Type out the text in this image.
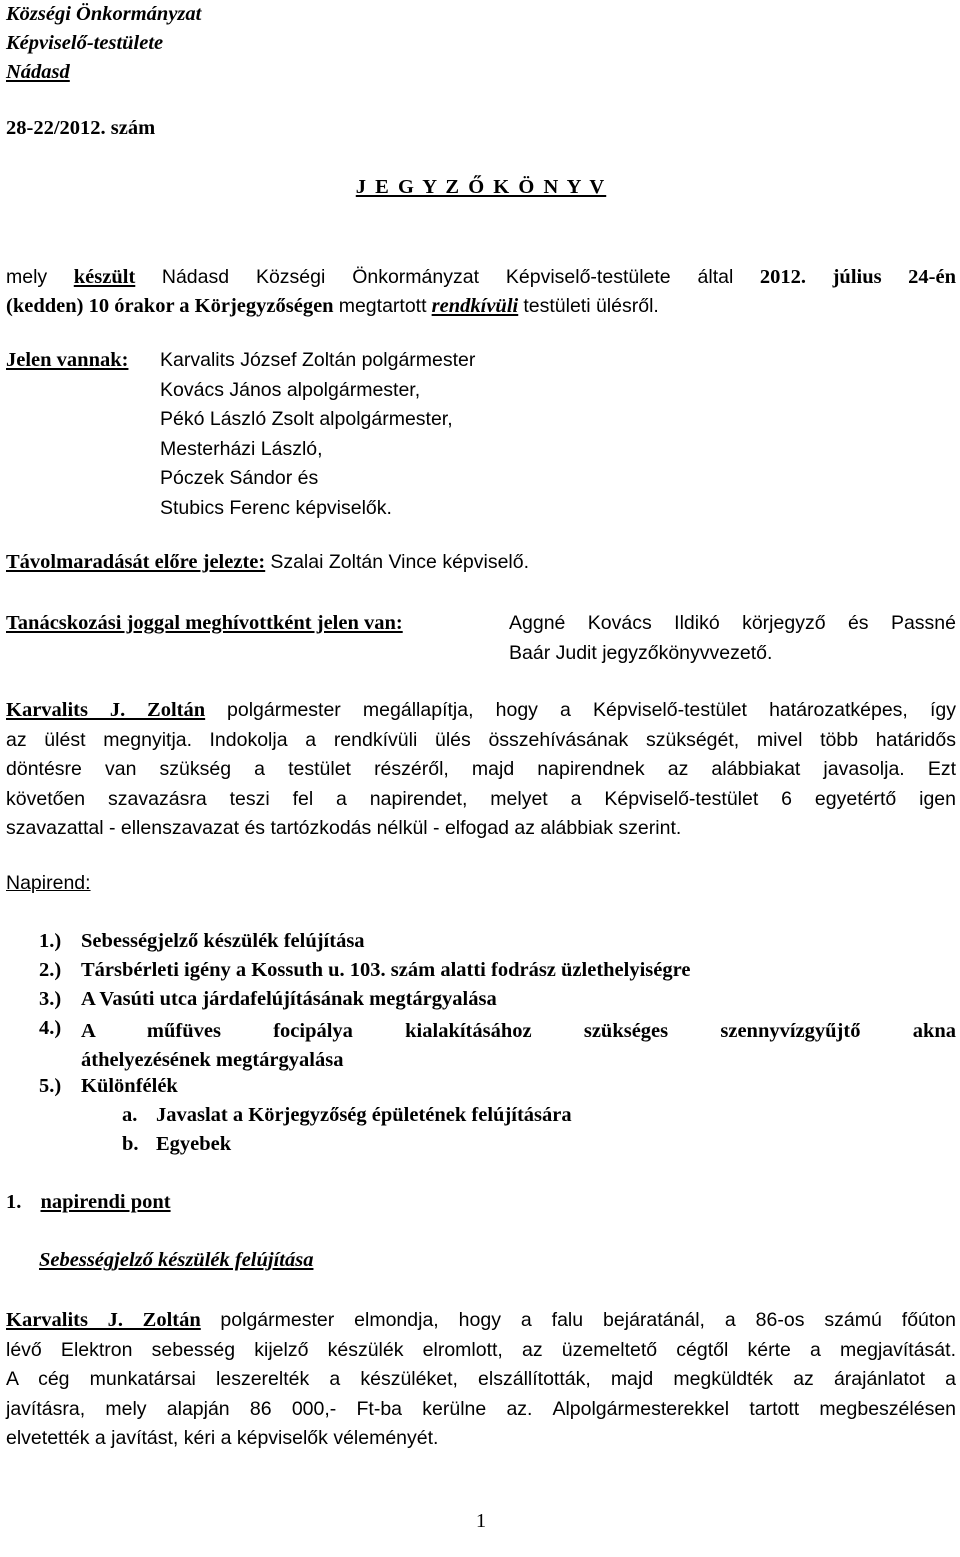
Községi Önkormányzat
Képviselő-testülete
Nádasd
28-22/2012. szám
J E G Y Z Ő K Ö N Y V
mely készült Nádasd Községi Önkormányzat Képviselő-testülete által 2012. július 24-én
(kedden) 10 órakor a Körjegyzőségen megtartott rendkívüli testületi ülésről.
Jelen vannak:	Karvalits József Zoltán polgármester
Kovács János alpolgármester,
Pékó László Zsolt alpolgármester,
Mesterházi László,
Póczek Sándor és
Stubics Ferenc képviselők.
Távolmaradását előre jelezte: Szalai Zoltán Vince képviselő.
Tanácskozási joggal meghívottként jelen van:	Aggné Kovács Ildikó körjegyző és Passné
Baár Judit jegyzőkönyvvezető.
Karvalits J. Zoltán polgármester megállapítja, hogy a Képviselő-testület határozatképes, így
az ülést megnyitja. Indokolja a rendkívüli ülés összehívásának szükségét, mivel több határidős
döntésre van szükség a testület részéről, majd napirendnek az alábbiakat javasolja. Ezt
követően szavazásra teszi fel a napirendet, melyet a Képviselő-testület 6 egyetértő igen
szavazattal - ellenszavazat és tartózkodás nélkül - elfogad az alábbiak szerint.
Napirend:
1.) Sebességjelző készülék felújítása
2.) Társbérleti igény a Kossuth u. 103. szám alatti fodrász üzlethelyiségre
3.) A Vasúti utca járdafelújításának megtárgyalása
4.) A műfüves focipálya kialakításához szükséges szennyvízgyűjtő akna
áthelyezésének megtárgyalása
5.) Különfélék
a. Javaslat a Körjegyzőség épületének felújítására
b. Egyebek
1. napirendi pont
Sebességjelző készülék felújítása
Karvalits J. Zoltán polgármester elmondja, hogy a falu bejáratánál, a 86-os számú főúton
lévő Elektron sebesség kijelző készülék elromlott, az üzemeltető cégtől kérte a megjavítását.
A cég munkatársai leszerelték a készüléket, elszállították, majd megküldték az árajánlatot a
javításra, mely alapján 86 000,- Ft-ba kerülne az. Alpolgármesterekkel tartott megbeszélésen
elvetették a javítást, kéri a képviselők véleményét.
1
